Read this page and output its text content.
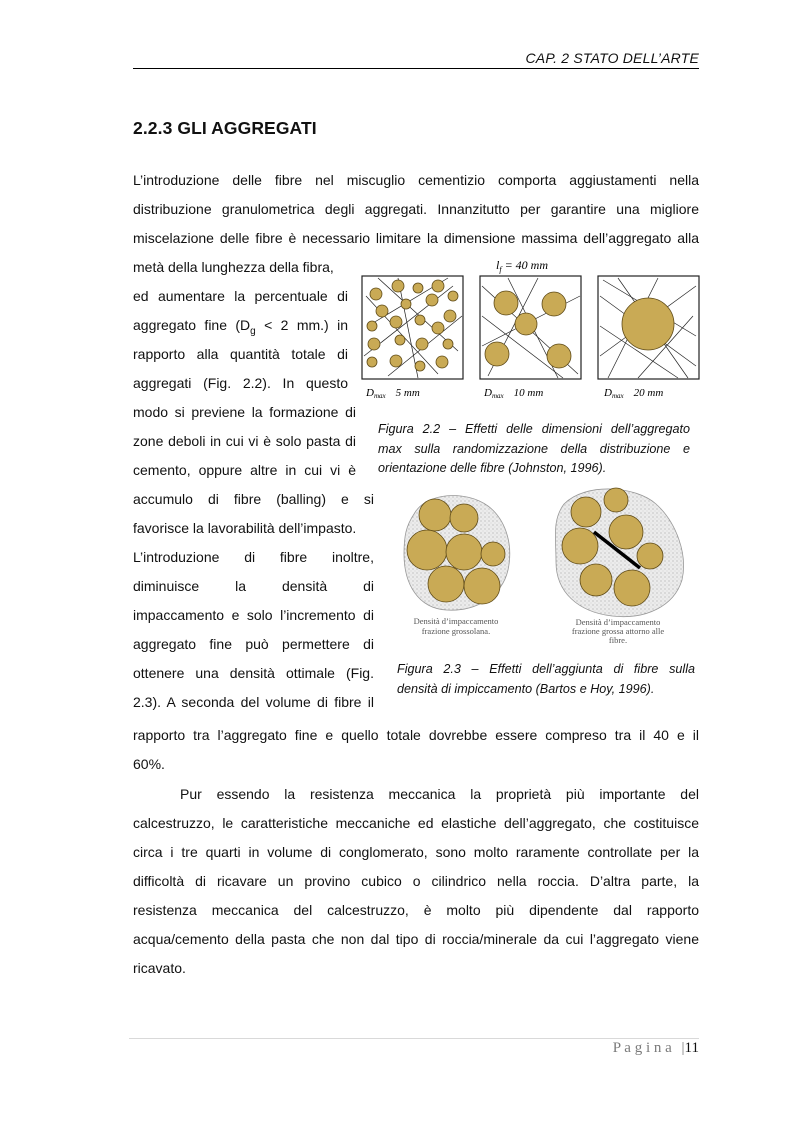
CAP. 2 STATO DELL’ARTE
2.2.3 GLI AGGREGATI

L’introduzione delle fibre nel miscuglio cementizio comporta aggiustamenti nella

distribuzione granulometrica degli aggregati. Innanzitutto per garantire una migliore

miscelazione delle fibre è necessario limitare la dimensione massima dell’aggregato alla

metà della lunghezza della fibra,

ed aumentare la percentuale di

aggregato fine ($D_g < 2$ mm.) in

rapporto alla quantità totale di

aggregati (Fig. 2.2). In questo

modo si previene la formazione di

zone deboli in cui vi è solo pasta di

cemento, oppure altre in cui vi è

accumulo di fibre (balling) e si

favorisce la lavorabilità dell’impasto.

L’introduzione di fibre inoltre,

diminuisce la densità di

impaccamento e solo l’incremento di

aggregato fine può permettere di

ottenere una densità ottimale (Fig.

2.3). A seconda del volume di fibre il

rapporto tra l’aggregato fine e quello totale dovrebbe essere compreso tra il 40 e il

60%.

Pur essendo la resistenza meccanica la proprietà più importante del

calcestruzzo, le caratteristiche meccaniche ed elastiche dell’aggregato, che costituisce

circa i tre quarti in volume di conglomerato, sono molto raramente controllate per la

difficoltà di ricavare un provino cubico o cilindrico nella roccia. D’altra parte, la

resistenza meccanica del calcestruzzo, è molto più dipendente dal rapporto

acqua/cemento della pasta che non dal tipo di roccia/minerale da cui l’aggregato viene

ricavato.

$l_f = 40$ mm
Dmax 5 mm	Dmax 10 mm	Dmax 20 mm
Figura 2.2 – Effetti delle dimensioni dell’aggregato
max sulla randomizzazione della distribuzione e
orientazione delle fibre (Johnston, 1996).
Densità d’impaccamento
frazione grossolana.
Densità d’impaccamento
frazione grossa attorno alle
fibre.
Figura 2.3 – Effetti dell’aggiunta di fibre sulla
densità di impiccamento (Bartos e Hoy, 1996).
P a g i n a |11
